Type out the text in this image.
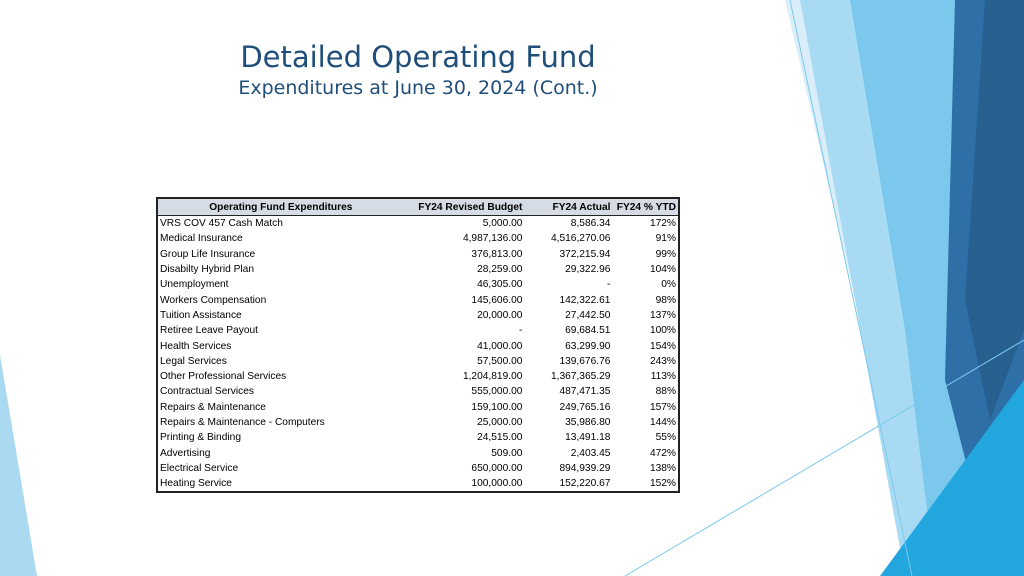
Detailed Operating Fund
Expenditures at June 30, 2024 (Cont.)
Operating Fund Expenditures	FY24 Revised Budget	FY24 Actual	FY24 % YTD
VRS COV 457 Cash Match	5,000.00	8,586.34	172%
Medical Insurance	4,987,136.00	4,516,270.06	91%
Group Life Insurance	376,813.00	372,215.94	99%
Disabilty Hybrid Plan	28,259.00	29,322.96	104%
Unemployment	46,305.00	-	0%
Workers Compensation	145,606.00	142,322.61	98%
Tuition Assistance	20,000.00	27,442.50	137%
Retiree Leave Payout	-	69,684.51	100%
Health Services	41,000.00	63,299.90	154%
Legal Services	57,500.00	139,676.76	243%
Other Professional Services	1,204,819.00	1,367,365.29	113%
Contractual Services	555,000.00	487,471.35	88%
Repairs & Maintenance	159,100.00	249,765.16	157%
Repairs & Maintenance - Computers	25,000.00	35,986.80	144%
Printing & Binding	24,515.00	13,491.18	55%
Advertising	509.00	2,403.45	472%
Electrical Service	650,000.00	894,939.29	138%
Heating Service	100,000.00	152,220.67	152%
